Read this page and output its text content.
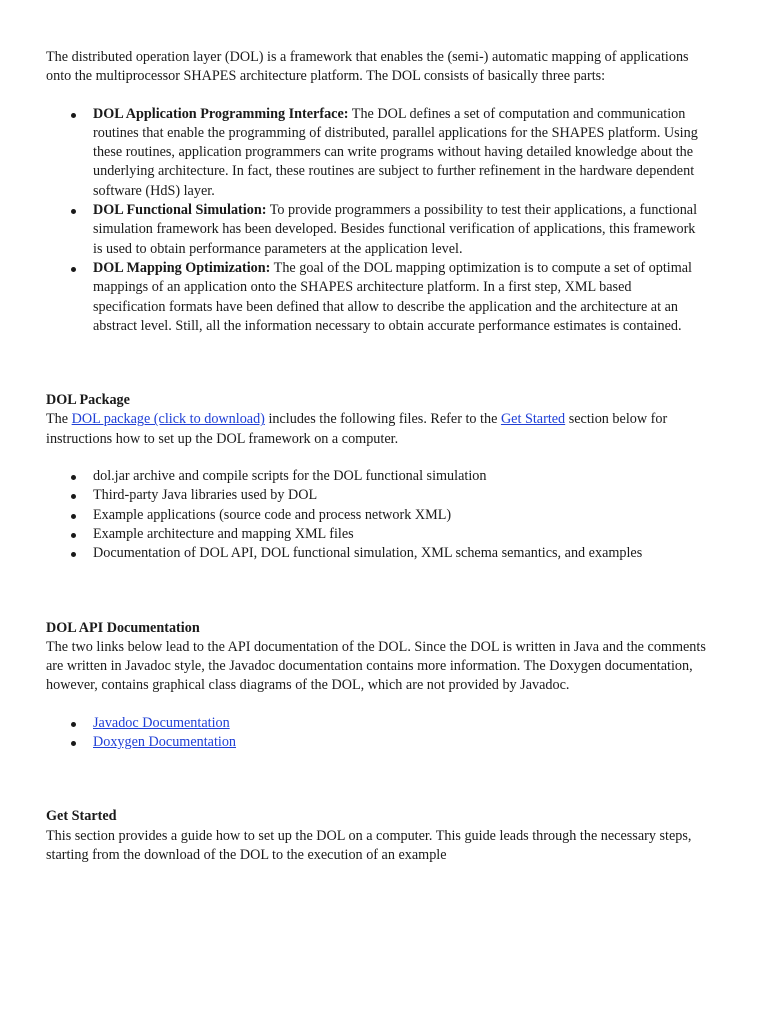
The distributed operation layer (DOL) is a framework that enables the (semi-) automatic mapping of applications onto the multiprocessor SHAPES architecture platform. The DOL consists of basically three parts:

DOL Application Programming Interface: The DOL defines a set of computation and communication routines that enable the programming of distributed, parallel applications for the SHAPES platform. Using these routines, application programmers can write programs without having detailed knowledge about the underlying architecture. In fact, these routines are subject to further refinement in the hardware dependent software (HdS) layer.
DOL Functional Simulation: To provide programmers a possibility to test their applications, a functional simulation framework has been developed. Besides functional verification of applications, this framework is used to obtain performance parameters at the application level.
DOL Mapping Optimization: The goal of the DOL mapping optimization is to compute a set of optimal mappings of an application onto the SHAPES architecture platform. In a first step, XML based specification formats have been defined that allow to describe the application and the architecture at an abstract level. Still, all the information necessary to obtain accurate performance estimates is contained.
DOL Package

The DOL package (click to download) includes the following files. Refer to the Get Started section below for instructions how to set up the DOL framework on a computer.

dol.jar archive and compile scripts for the DOL functional simulation
Third-party Java libraries used by DOL
Example applications (source code and process network XML)
Example architecture and mapping XML files
Documentation of DOL API, DOL functional simulation, XML schema semantics, and examples
DOL API Documentation

The two links below lead to the API documentation of the DOL. Since the DOL is written in Java and the comments are written in Javadoc style, the Javadoc documentation contains more information. The Doxygen documentation, however, contains graphical class diagrams of the DOL, which are not provided by Javadoc.

Javadoc Documentation
Doxygen Documentation
Get Started

This section provides a guide how to set up the DOL on a computer. This guide leads through the necessary steps, starting from the download of the DOL to the execution of an example
